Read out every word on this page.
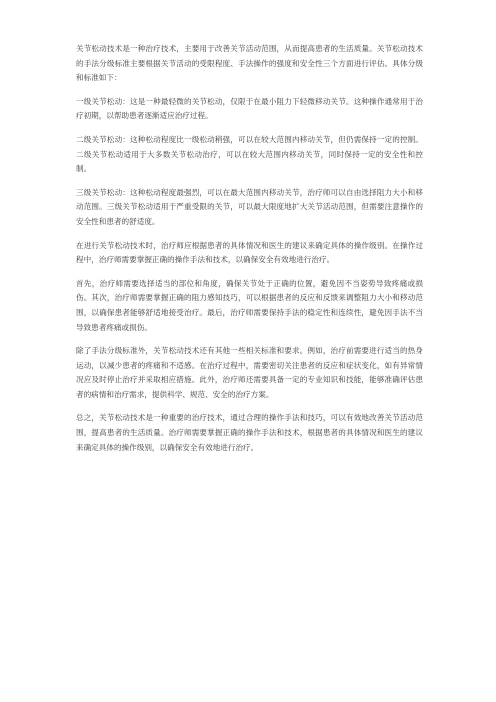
关节松动技术是一种治疗技术，主要用于改善关节活动范围，从而提高患者的生活质量。关节松动技术的手法分级标准主要根据关节活动的受限程度、手法操作的强度和安全性三个方面进行评估。具体分级和标准如下：

一级关节松动：这是一种最轻微的关节松动，仅限于在最小阻力下轻微移动关节。这种操作通常用于治疗初期，以帮助患者逐渐适应治疗过程。

二级关节松动：这种松动程度比一级松动稍强，可以在较大范围内移动关节，但仍需保持一定的控制。二级关节松动适用于大多数关节松动治疗，可以在较大范围内移动关节，同时保持一定的安全性和控制。

三级关节松动：这种松动程度最强烈，可以在最大范围内移动关节，治疗师可以自由选择阻力大小和移动范围。三级关节松动适用于严重受限的关节，可以最大限度地扩大关节活动范围，但需要注意操作的安全性和患者的舒适度。

在进行关节松动技术时，治疗师应根据患者的具体情况和医生的建议来确定具体的操作级别。在操作过程中，治疗师需要掌握正确的操作手法和技术，以确保安全有效地进行治疗。

首先，治疗师需要选择适当的部位和角度，确保关节处于正确的位置，避免因不当姿势导致疼痛或损伤。其次，治疗师需要掌握正确的阻力感知技巧，可以根据患者的反应和反馈来调整阻力大小和移动范围，以确保患者能够舒适地接受治疗。最后，治疗师需要保持手法的稳定性和连续性，避免因手法不当导致患者疼痛或损伤。

除了手法分级标准外，关节松动技术还有其他一些相关标准和要求。例如，治疗前需要进行适当的热身运动，以减少患者的疼痛和不适感。在治疗过程中，需要密切关注患者的反应和症状变化，如有异常情况应及时停止治疗并采取相应措施。此外，治疗师还需要具备一定的专业知识和技能，能够准确评估患者的病情和治疗需求，提供科学、规范、安全的治疗方案。

总之，关节松动技术是一种重要的治疗技术，通过合理的操作手法和技巧，可以有效地改善关节活动范围，提高患者的生活质量。治疗师需要掌握正确的操作手法和技术，根据患者的具体情况和医生的建议来确定具体的操作级别，以确保安全有效地进行治疗。
